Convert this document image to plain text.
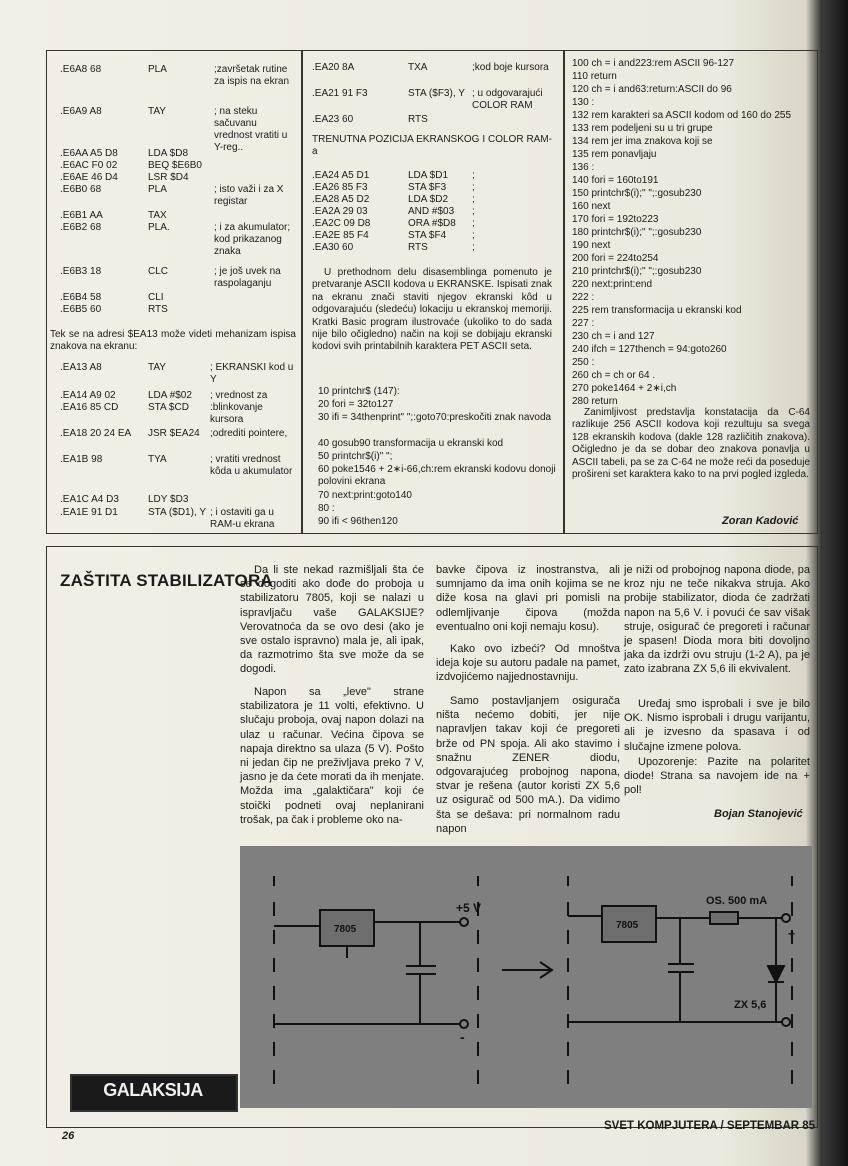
.E6A8 68	PLA	;završetak rutine za ispis na ekran
.E6A9 A8	TAY	; na steku sačuvanu vrednost vratiti u Y-reg..
.E6AA A5 D8	LDA $D8
.E6AC F0 02	BEQ $E6B0
.E6AE 46 D4	LSR $D4
.E6B0 68	PLA	; isto važi i za X registar
.E6B1 AA	TAX
.E6B2 68	PLA.	; i za akumulator; kod prikazanog znaka
.E6B3 18	CLC	; je još uvek na raspolaganju
.E6B4 58	CLI
.E6B5 60	RTS
Tek se na adresi $EA13 može videti mehanizam ispisa znakova na ekranu:
.EA13 A8	TAY	; EKRANSKI kod u Y
.EA14 A9 02	LDA #$02 ; vrednost za :blinkovanje kursora
.EA16 85 CD	STA $CD
.EA18 20 24 EA JSR $EA24 ;odrediti pointere,
.EA1B 98	TYA	; vratiti vrednost kôda u akumulator
.EA1C A4 D3	LDY $D3
.EA1E 91 D1	STA ($D1), Y ; i ostaviti ga u RAM-u ekrana
.EA20 8A	TXA	;kod boje kursora
.EA21 91 F3	STA ($F3), Y ; u odgovarajući COLOR RAM
.EA23 60	RTS
TRENUTNA POZICIJA EKRANSKOG I COLOR RAM-a
.EA24 A5 D1	LDA $D1 ;
.EA26 85 F3	STA $F3	;
.EA28 A5 D2	LDA $D2 ;
.EA2A 29 03	AND #$03 ;
.EA2C 09 D8	ORA #$D8 ;
.EA2E 85 F4	STA $F4	;
.EA30 60	RTS	;
U prethodnom delu disasemblinga pomenuto je pretvaranje ASCII kodova u EKRANSKE. Ispisati znak na ekranu znači staviti njegov ekranski kôd u odgovarajuću (sledeću) lokaciju u ekranskoj memoriji. Kratki Basic program ilustrovaće (ukoliko to do sada nije bilo očigledno) način na koji se dobijaju ekranski kodovi svih printabilnih karaktera PET ASCII seta.
10 printchr$ (147):
20 fori = 32to127
30 ifi = 34thenprint" ";:goto70:preskočiti znak navoda
40 gosub90 transformacija u ekranski kod
50 printchr$(i)" ";
60 poke1546 + 2∗i-66,ch:rem ekranski kodovu donoji polovini ekrana
70 next:print:goto140
80 :
90 ifi < 96then120
100 ch = i and223:rem ASCII 96-127
110 return
120 ch = i and63:return:ASCII do 96
130 :
132 rem karakteri sa ASCII kodom od 160 do 255
133 rem podeljeni su u tri grupe
134 rem jer ima znakova koji se
135 rem ponavljaju
136 :
140 fori = 160to191
150 printchr$(i);" ";:gosub230
160 next
170 fori = 192to223
180 printchr$(i);" ";:gosub230
190 next
200 fori = 224to254
210 printchr$(i);" ";:gosub230
220 next:print:end
222 :
225 rem transformacija u ekranski kod
227 :
230 ch = i and 127
240 ifch = 127thench = 94:goto260
250 :
260 ch = ch or 64 .
270 poke1464 + 2∗i,ch
280 return
Zanimljivost predstavlja konstatacija da C-64 razlikuje 256 ASCII kodova koji rezultuju sa svega 128 ekranskih kodova (dakle 128 različitih znakova). Očigledno je da se dobar deo znakova ponavlja u ASCII tabeli, pa se za C-64 ne može reći da poseduje prošireni set karaktera kako to na prvi pogled izgleda.
Zoran Kadović
ZAŠTITA STABILIZATORA
Da li ste nekad razmišljali šta će se dogoditi ako dođe do proboja u stabilizatoru 7805, koji se nalazi u ispravljaču vaše GALAKSIJE? Verovatnoća da se ovo desi (ako je sve ostalo ispravno) mala je, ali ipak, da razmotrimo šta sve može da se dogodi.
Napon sa „leve" strane stabilizatora je 11 volti, efektivno. U slučaju proboja, ovaj napon dolazi na ulaz u računar. Većina čipova se napaja direktno sa ulaza (5 V). Pošto ni jedan čip ne preživljava preko 7 V, jasno je da ćete morati da ih menjate. Možda ima „galaktičara" koji će stoički podneti ovaj neplanirani trošak, pa čak i probleme oko na-
bavke čipova iz inostranstva, ali sumnjamo da ima onih kojima se ne diže kosa na glavi pri pomisli na odlemljivanje čipova (možda eventualno oni koji nemaju kosu).
Kako ovo izbeći? Od mnoštva ideja koje su autoru padale na pamet, izdvojićemo najjednostavniju.
Samo postavljanjem osigurača ništa nećemo dobiti, jer nije napravljen takav koji će pregoreti brže od PN spoja. Ali ako stavimo i snažnu ZENER diodu, odgovarajućeg probojnog napona, stvar je rešena (autor koristi ZX 5,6 uz osigurač od 500 mA.). Da vidimo šta se dešava: pri normalnom radu napon
je niži od probojnog napona diode, pa kroz nju ne teče nikakva struja. Ako probije stabilizator, dioda će zadržati napon na 5,6 V. i povući će sav višak struje, osigurač će pregoreti i računar je spasen! Dioda mora biti dovoljno jaka da izdrži ovu struju (1-2 A), pa je zato izabrana ZX 5,6 ili ekvivalent.
Uređaj smo isprobali i sve je bilo OK. Nismo isprobali i drugu varijantu, ali je izvesno da spasava i od slučajne izmene polova.
Upozorenje: Pazite na polaritet diode! Strana sa navojem ide na + pol!
Bojan Stanojević
7805	7805
+5 V	OS. 500 mA
ZX 5,6
+
-
GALAKSIJA
26
SVET KOMPJUTERA / SEPTEMBAR 85
